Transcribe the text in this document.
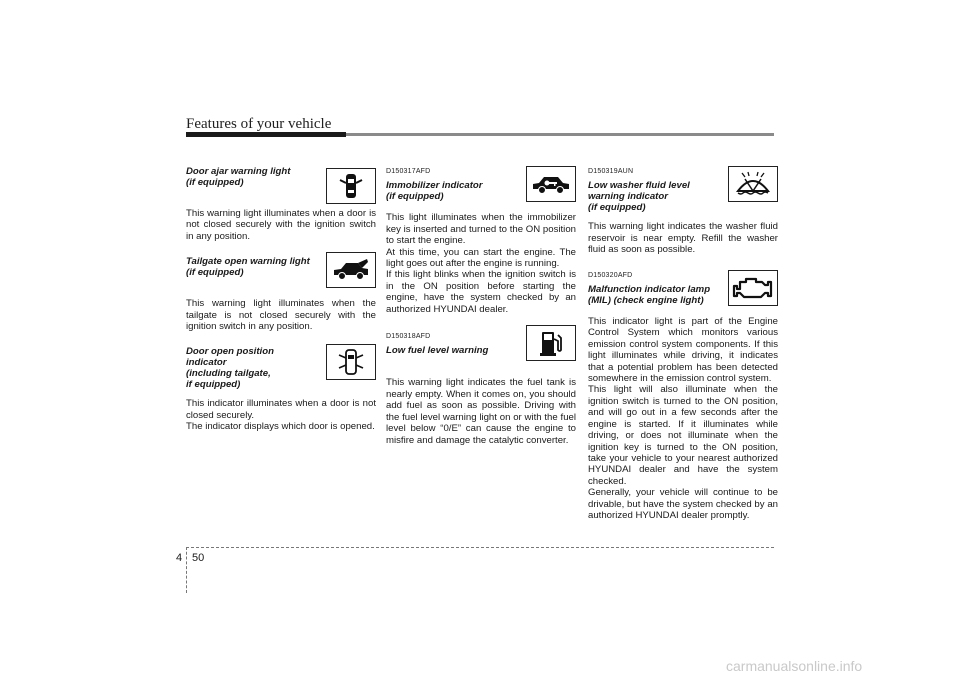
Features of your vehicle

Door ajar warning light
(if equipped)

This warning light illuminates when a door is not closed securely with the ignition switch in any position.

Tailgate open warning light
(if equipped)

This warning light illuminates when the tailgate is not closed securely with the ignition switch in any position.

Door open position indicator
(including tailgate,
if equipped)

This indicator illuminates when a door is not closed securely.
The indicator displays which door is opened.

D150317AFD

Immobilizer indicator
(if equipped)

This light illuminates when the immobilizer key is inserted and turned to the ON position to start the engine.
At this time, you can start the engine. The light goes out after the engine is running.
If this light blinks when the ignition switch is in the ON position before starting the engine, have the system checked by an authorized HYUNDAI dealer.

D150318AFD

Low fuel level warning

This warning light indicates the fuel tank is nearly empty. When it comes on, you should add fuel as soon as possible. Driving with the fuel level warning light on or with the fuel level below “0/E” can cause the engine to misfire and damage the catalytic converter.

D150319AUN

Low washer fluid level
warning indicator
(if equipped)

This warning light indicates the washer fluid reservoir is near empty. Refill the washer fluid as soon as possible.

D150320AFD

Malfunction indicator lamp
(MIL) (check engine light)

This indicator light is part of the Engine Control System which monitors various emission control system components. If this light illuminates while driving, it indicates that a potential problem has been detected somewhere in the emission control system.
This light will also illuminate when the ignition switch is turned to the ON position, and will go out in a few seconds after the engine is started. If it illuminates while driving, or does not illuminate when the ignition key is turned to the ON position, take your vehicle to your nearest authorized HYUNDAI dealer and have the system checked.
Generally, your vehicle will continue to be drivable, but have the system checked by an authorized HYUNDAI dealer promptly.

4 50
carmanualsonline.info
